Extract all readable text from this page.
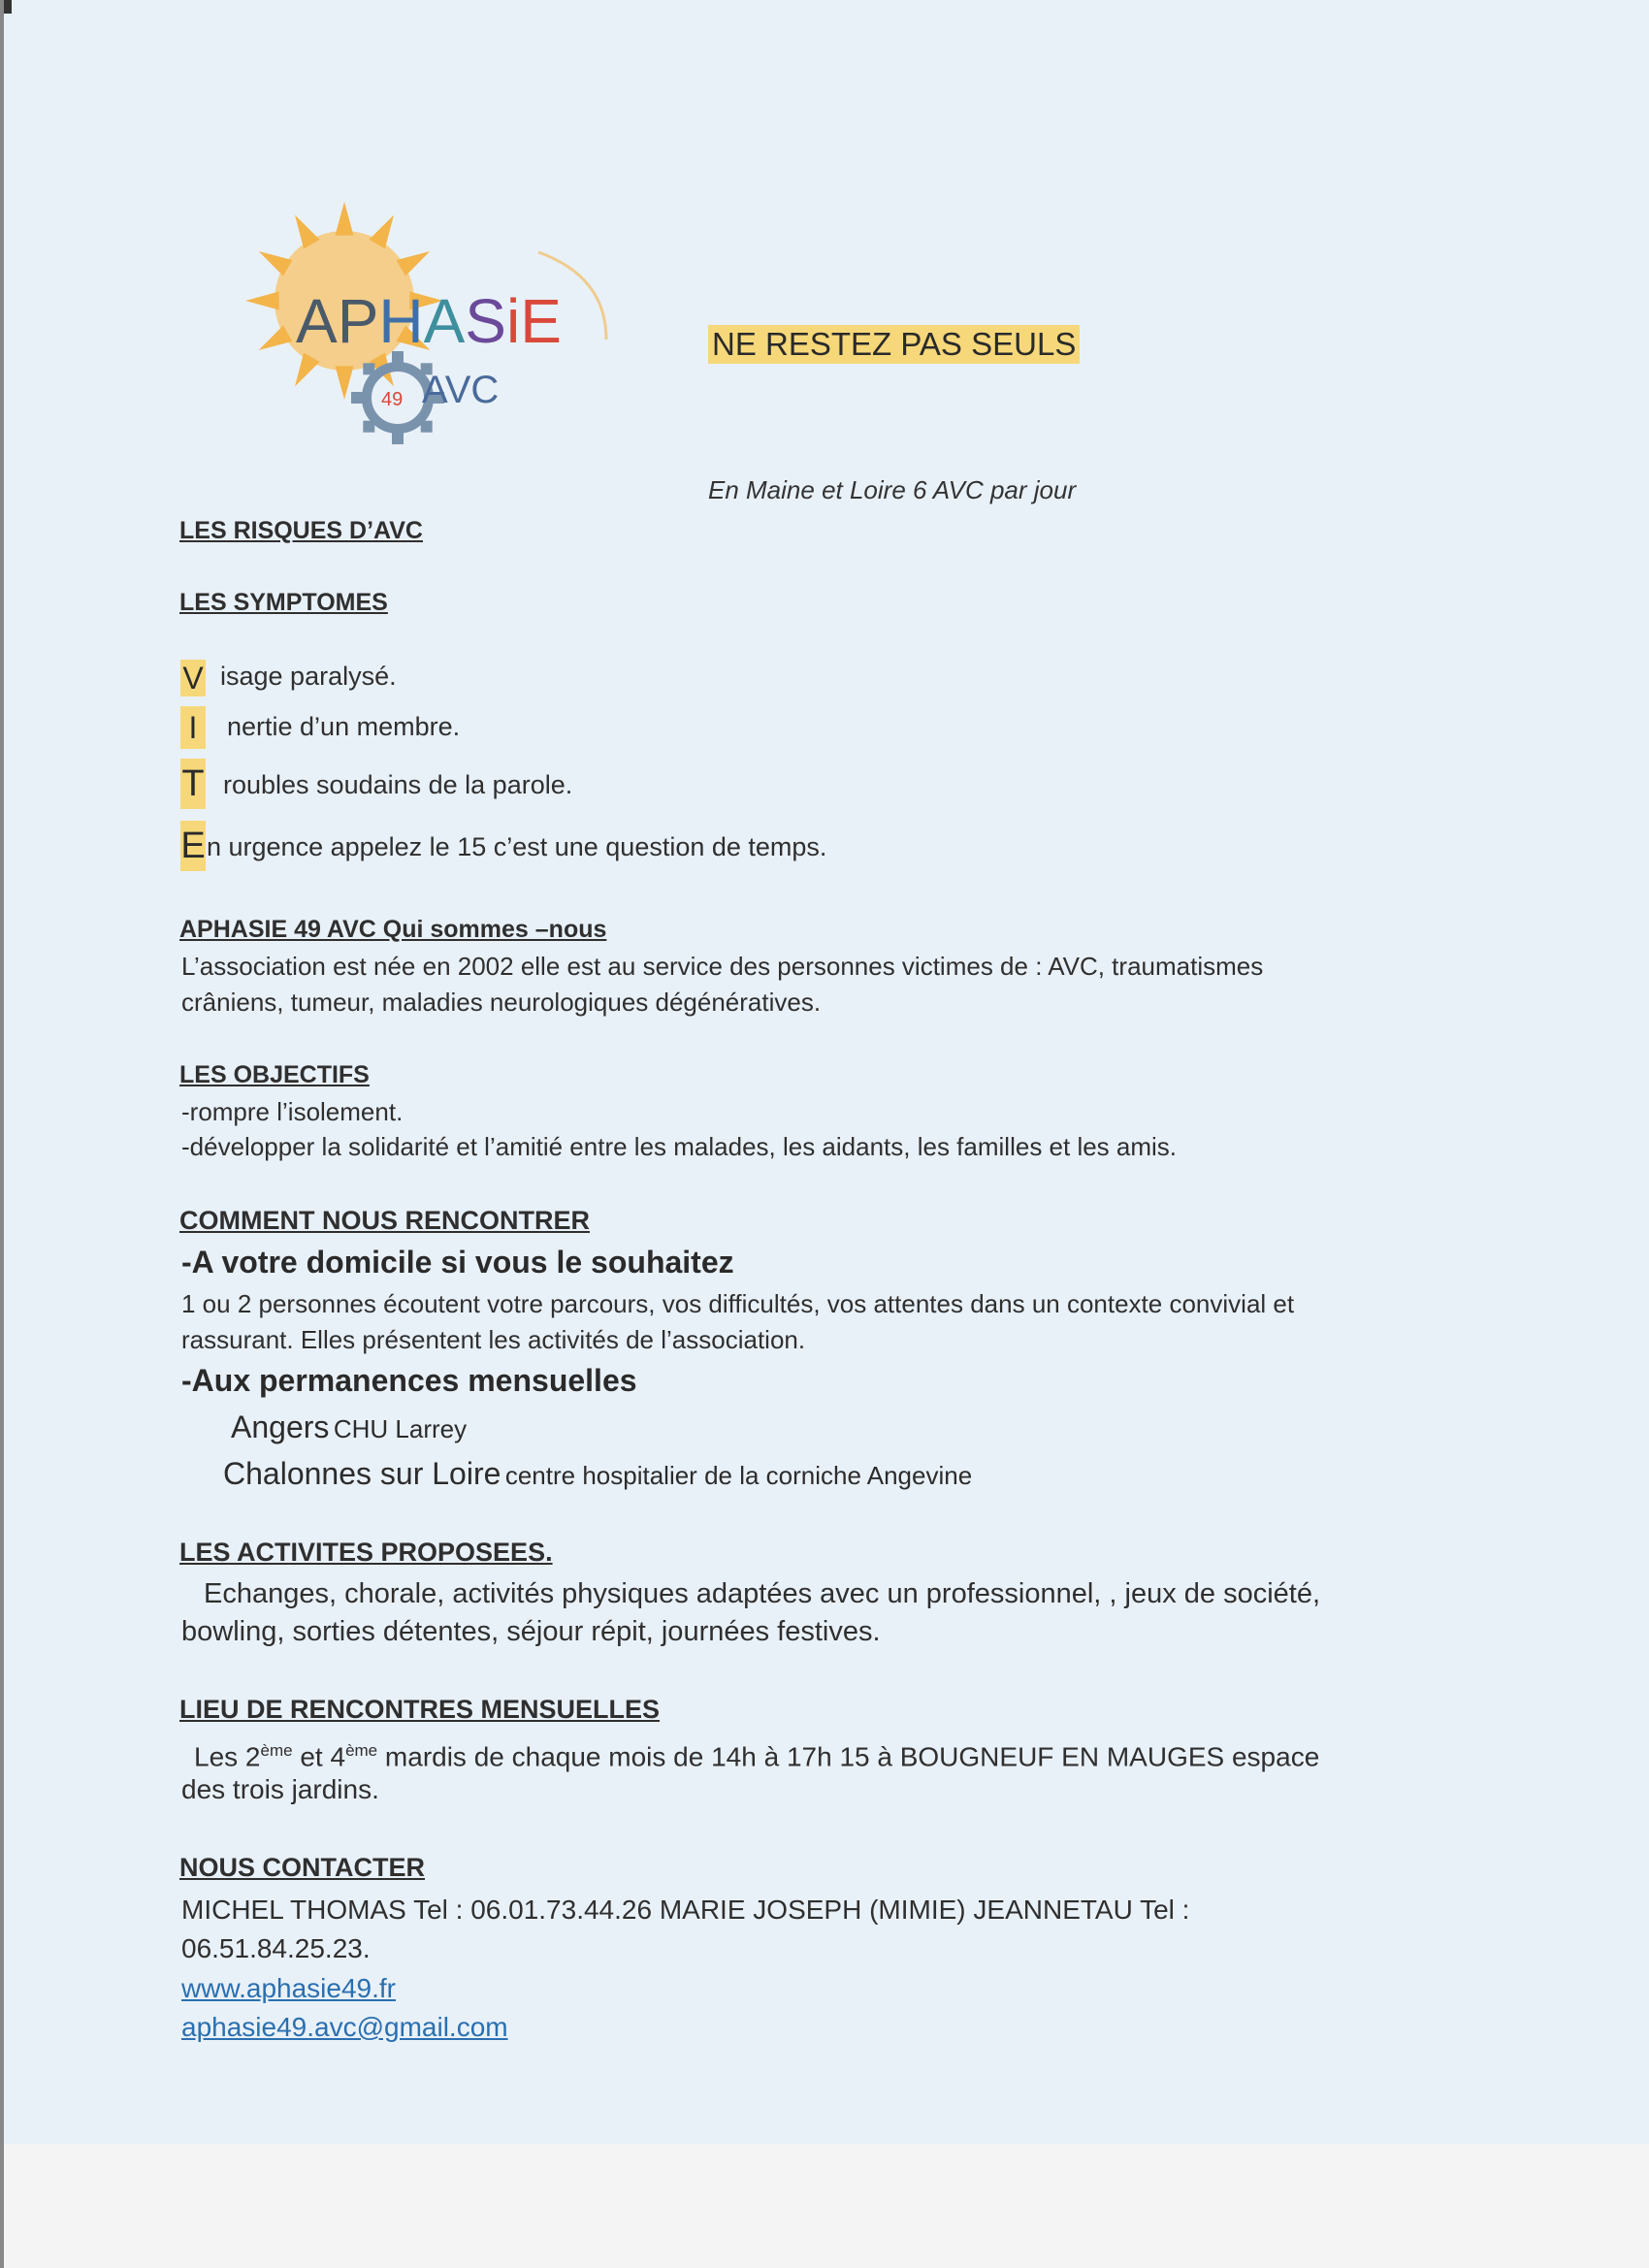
APHASiE
49 AVC
NE RESTEZ PAS SEULS
En Maine et Loire 6 AVC par jour
LES RISQUES D’AVC
LES SYMPTOMES
V isage paralysé.
I	nertie d’un membre.
T roubles soudains de la parole.
E n urgence appelez le 15 c’est une question de temps.
APHASIE 49 AVC Qui sommes –nous
L’association est née en 2002 elle est au service des personnes victimes de : AVC, traumatismes
crâniens, tumeur, maladies neurologiques dégénératives.
LES OBJECTIFS
-rompre l’isolement.
-développer la solidarité et l’amitié entre les malades, les aidants, les familles et les amis.
COMMENT NOUS RENCONTRER
-A votre domicile si vous le souhaitez
1 ou 2 personnes écoutent votre parcours, vos difficultés, vos attentes dans un contexte convivial et
rassurant. Elles présentent les activités de l’association.
-Aux permanences mensuelles
Angers CHU Larrey
Chalonnes sur Loire centre hospitalier de la corniche Angevine
LES ACTIVITES PROPOSEES.
Echanges, chorale, activités physiques adaptées avec un professionnel, , jeux de société,
bowling, sorties détentes, séjour répit, journées festives.
LIEU DE RENCONTRES MENSUELLES
Les 2ème et 4ème mardis de chaque mois de 14h à 17h 15 à BOUGNEUF EN MAUGES espace
des trois jardins.
NOUS CONTACTER
MICHEL THOMAS Tel : 06.01.73.44.26 MARIE JOSEPH (MIMIE) JEANNETAU Tel :
06.51.84.25.23.
www.aphasie49.fr
aphasie49.avc@gmail.com
